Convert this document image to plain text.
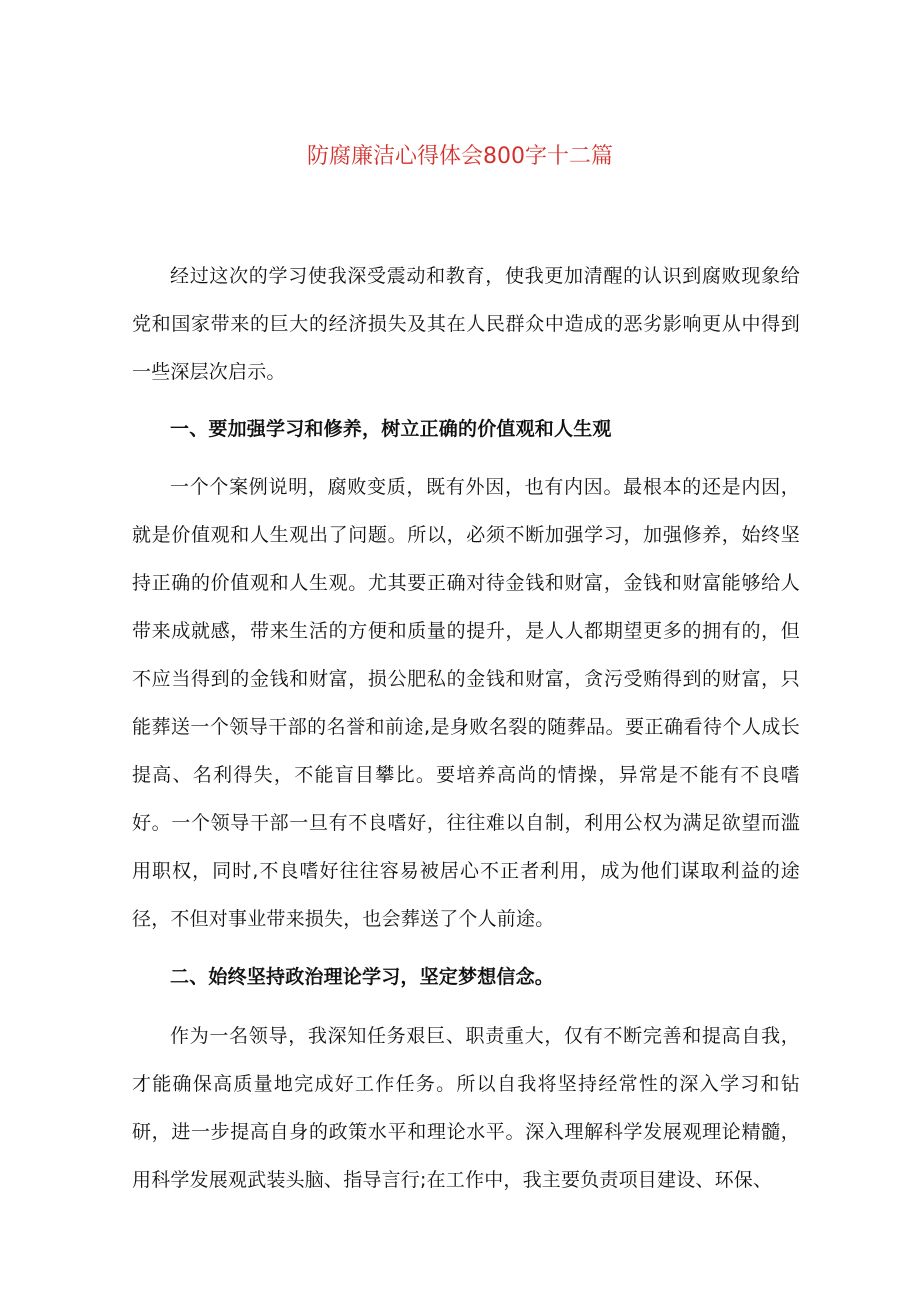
防腐廉洁心得体会800字十二篇

经过这次的学习使我深受震动和教育，使我更加清醒的认识到腐败现象给党和国家带来的巨大的经济损失及其在人民群众中造成的恶劣影响更从中得到一些深层次启示。

一、要加强学习和修养，树立正确的价值观和人生观

一个个案例说明，腐败变质，既有外因，也有内因。最根本的还是内因，就是价值观和人生观出了问题。所以，必须不断加强学习，加强修养，始终坚持正确的价值观和人生观。尤其要正确对待金钱和财富，金钱和财富能够给人带来成就感，带来生活的方便和质量的提升，是人人都期望更多的拥有的，但不应当得到的金钱和财富，损公肥私的金钱和财富，贪污受贿得到的财富，只能葬送一个领导干部的名誉和前途,是身败名裂的随葬品。要正确看待个人成长提高、名利得失，不能盲目攀比。要培养高尚的情操，异常是不能有不良嗜好。一个领导干部一旦有不良嗜好，往往难以自制，利用公权为满足欲望而滥用职权，同时,不良嗜好往往容易被居心不正者利用，成为他们谋取利益的途径，不但对事业带来损失，也会葬送了个人前途。

二、始终坚持政治理论学习，坚定梦想信念。

作为一名领导，我深知任务艰巨、职责重大，仅有不断完善和提高自我，才能确保高质量地完成好工作任务。所以自我将坚持经常性的深入学习和钻研，进一步提高自身的政策水平和理论水平。深入理解科学发展观理论精髓，用科学发展观武装头脑、指导言行;在工作中，我主要负责项目建设、环保、
